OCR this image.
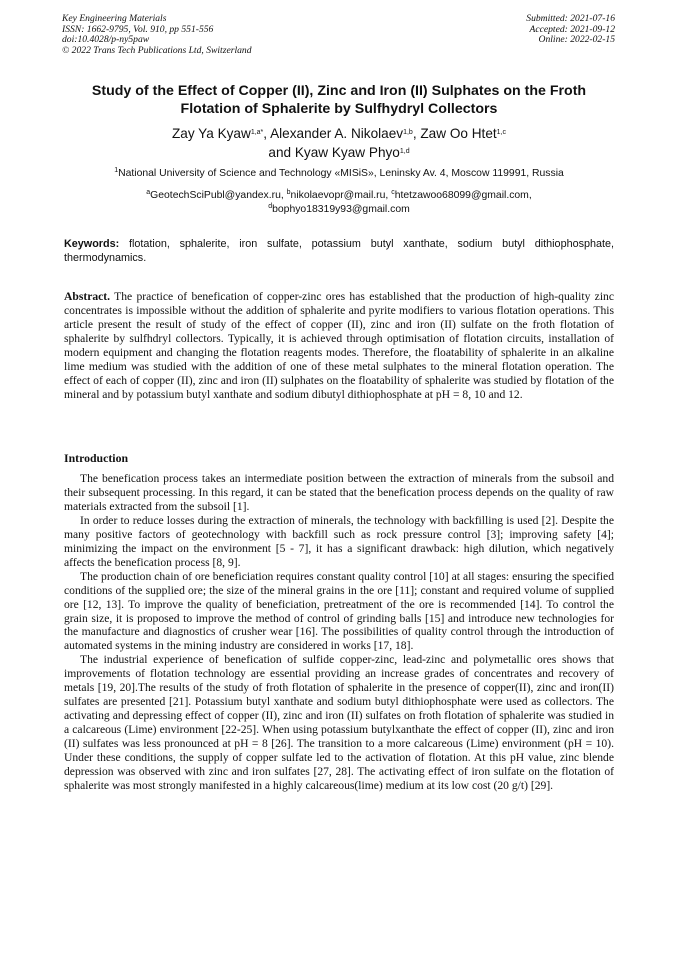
Key Engineering Materials
ISSN: 1662-9795, Vol. 910, pp 551-556
doi:10.4028/p-ny5paw
© 2022 Trans Tech Publications Ltd, Switzerland
Submitted: 2021-07-16
Accepted: 2021-09-12
Online: 2022-02-15
Study of the Effect of Copper (II), Zinc and Iron (II) Sulphates on the Froth Flotation of Sphalerite by Sulfhydryl Collectors
Zay Ya Kyaw$^{1,a*}$, Alexander A. Nikolaev$^{1,b}$, Zaw Oo Htet$^{1,c}$
and Kyaw Kyaw Phyo$^{1,d}$
$^1$National University of Science and Technology «MISiS», Leninsky Av. 4, Moscow 119991, Russia
$^a$GeotechSciPubl@yandex.ru, $^b$nikolaevopr@mail.ru, $^c$htetzawoo68099@gmail.com,
$^d$bophyo18319y93@gmail.com
Keywords: flotation, sphalerite, iron sulfate, potassium butyl xanthate, sodium butyl dithiophosphate, thermodynamics.
Abstract. The practice of benefication of copper-zinc ores has established that the production of high-quality zinc concentrates is impossible without the addition of sphalerite and pyrite modifiers to various flotation operations. This article present the result of study of the effect of copper (II), zinc and iron (II) sulfate on the froth flotation of sphalerite by sulfhdryl collectors. Typically, it is achieved through optimisation of flotation circuits, installation of modern equipment and changing the flotation reagents modes. Therefore, the floatability of sphalerite in an alkaline lime medium was studied with the addition of one of these metal sulphates to the mineral flotation operation. The effect of each of copper (II), zinc and iron (II) sulphates on the floatability of sphalerite was studied by flotation of the mineral and by potassium butyl xanthate and sodium dibutyl dithiophosphate at pH = 8, 10 and 12.
Introduction

The benefication process takes an intermediate position between the extraction of minerals from the subsoil and their subsequent processing. In this regard, it can be stated that the benefication process depends on the quality of raw materials extracted from the subsoil [1].

In order to reduce losses during the extraction of minerals, the technology with backfilling is used [2]. Despite the many positive factors of geotechnology with backfill such as rock pressure control [3]; improving safety [4]; minimizing the impact on the environment [5 - 7], it has a significant drawback: high dilution, which negatively affects the benefication process [8, 9].

The production chain of ore beneficiation requires constant quality control [10] at all stages: ensuring the specified conditions of the supplied ore; the size of the mineral grains in the ore [11]; constant and required volume of supplied ore [12, 13]. To improve the quality of beneficiation, pretreatment of the ore is recommended [14]. To control the grain size, it is proposed to improve the method of control of grinding balls [15] and introduce new technologies for the manufacture and diagnostics of crusher wear [16]. The possibilities of quality control through the introduction of automated systems in the mining industry are considered in works [17, 18].

The industrial experience of benefication of sulfide copper-zinc, lead-zinc and polymetallic ores shows that improvements of flotation technology are essential providing an increase grades of concentrates and recovery of metals [19, 20].The results of the study of froth flotation of sphalerite in the presence of copper(II), zinc and iron(II) sulfates are presented [21]. Potassium butyl xanthate and sodium butyl dithiophosphate were used as collectors. The activating and depressing effect of copper (II), zinc and iron (II) sulfates on froth flotation of sphalerite was studied in a calcareous (Lime) environment [22-25]. When using potassium butylxanthate the effect of copper (II), zinc and iron (II) sulfates was less pronounced at pH = 8 [26]. The transition to a more calcareous (Lime) environment (pH = 10). Under these conditions, the supply of copper sulfate led to the activation of flotation. At this pH value, zinc blende depression was observed with zinc and iron sulfates [27, 28]. The activating effect of iron sulfate on the flotation of sphalerite was most strongly manifested in a highly calcareous(lime) medium at its low cost (20 g/t) [29].
